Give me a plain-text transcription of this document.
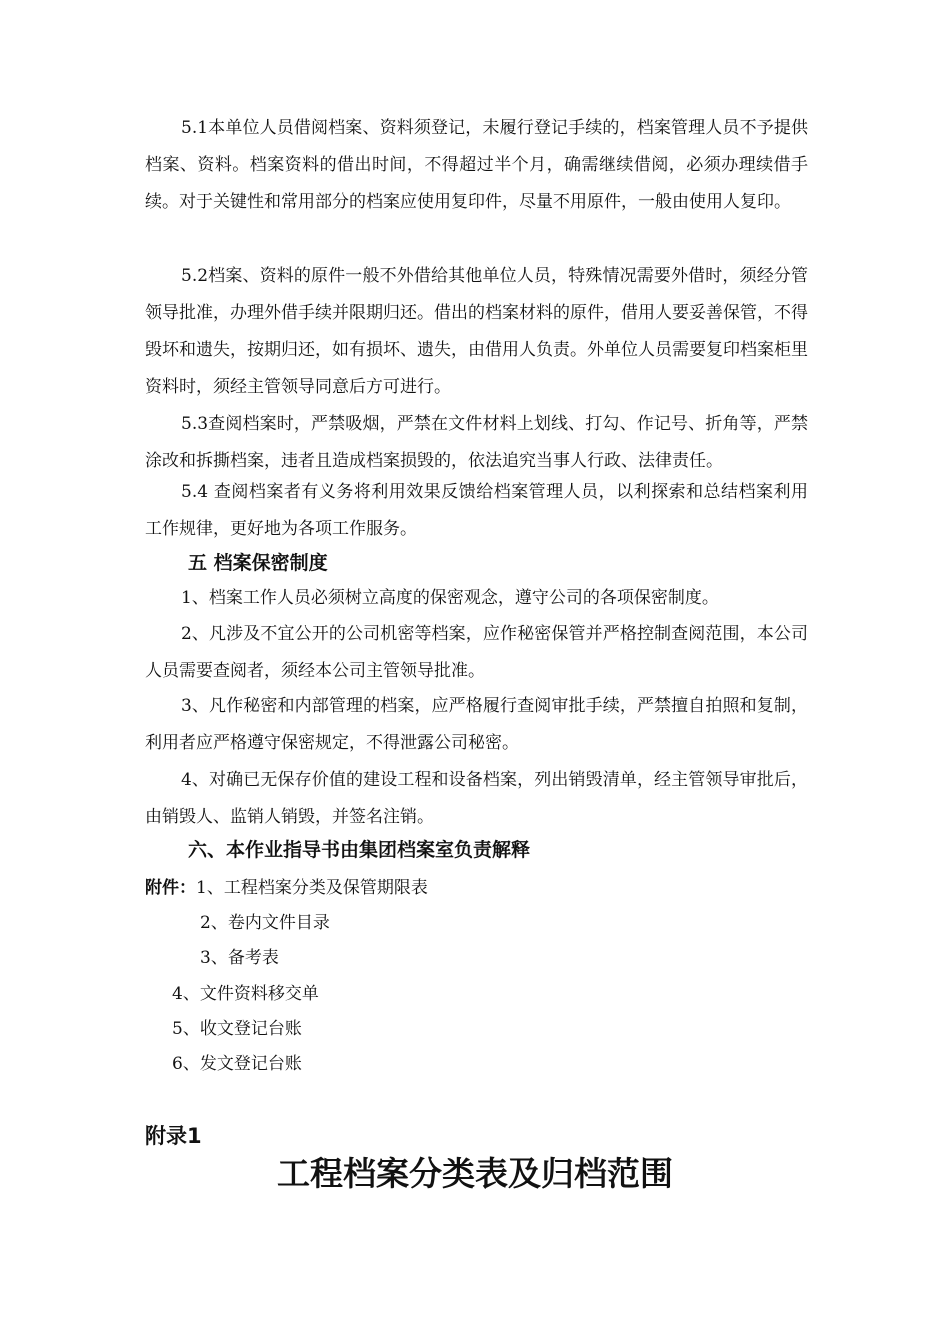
5.1本单位人员借阅档案、资料须登记，未履行登记手续的，档案管理人员不予提供档案、资料。档案资料的借出时间，不得超过半个月，确需继续借阅，必须办理续借手续。对于关键性和常用部分的档案应使用复印件，尽量不用原件，一般由使用人复印。

5.2档案、资料的原件一般不外借给其他单位人员，特殊情况需要外借时，须经分管领导批准，办理外借手续并限期归还。借出的档案材料的原件，借用人要妥善保管，不得毁坏和遗失，按期归还，如有损坏、遗失，由借用人负责。外单位人员需要复印档案柜里资料时，须经主管领导同意后方可进行。

5.3查阅档案时，严禁吸烟，严禁在文件材料上划线、打勾、作记号、折角等，严禁涂改和拆撕档案，违者且造成档案损毁的，依法追究当事人行政、法律责任。

5.4 查阅档案者有义务将利用效果反馈给档案管理人员，以利探索和总结档案利用工作规律，更好地为各项工作服务。

五 档案保密制度

1、档案工作人员必须树立高度的保密观念，遵守公司的各项保密制度。

2、凡涉及不宜公开的公司机密等档案，应作秘密保管并严格控制查阅范围，本公司人员需要查阅者，须经本公司主管领导批准。

3、凡作秘密和内部管理的档案，应严格履行查阅审批手续，严禁擅自拍照和复制，利用者应严格遵守保密规定，不得泄露公司秘密。

4、对确已无保存价值的建设工程和设备档案，列出销毁清单，经主管领导审批后，由销毁人、监销人销毁，并签名注销。

六、本作业指导书由集团档案室负责解释

附件：1、工程档案分类及保管期限表

2、卷内文件目录

3、备考表

4、文件资料移交单

5、收文登记台账

6、发文登记台账

附录1

工程档案分类表及归档范围
